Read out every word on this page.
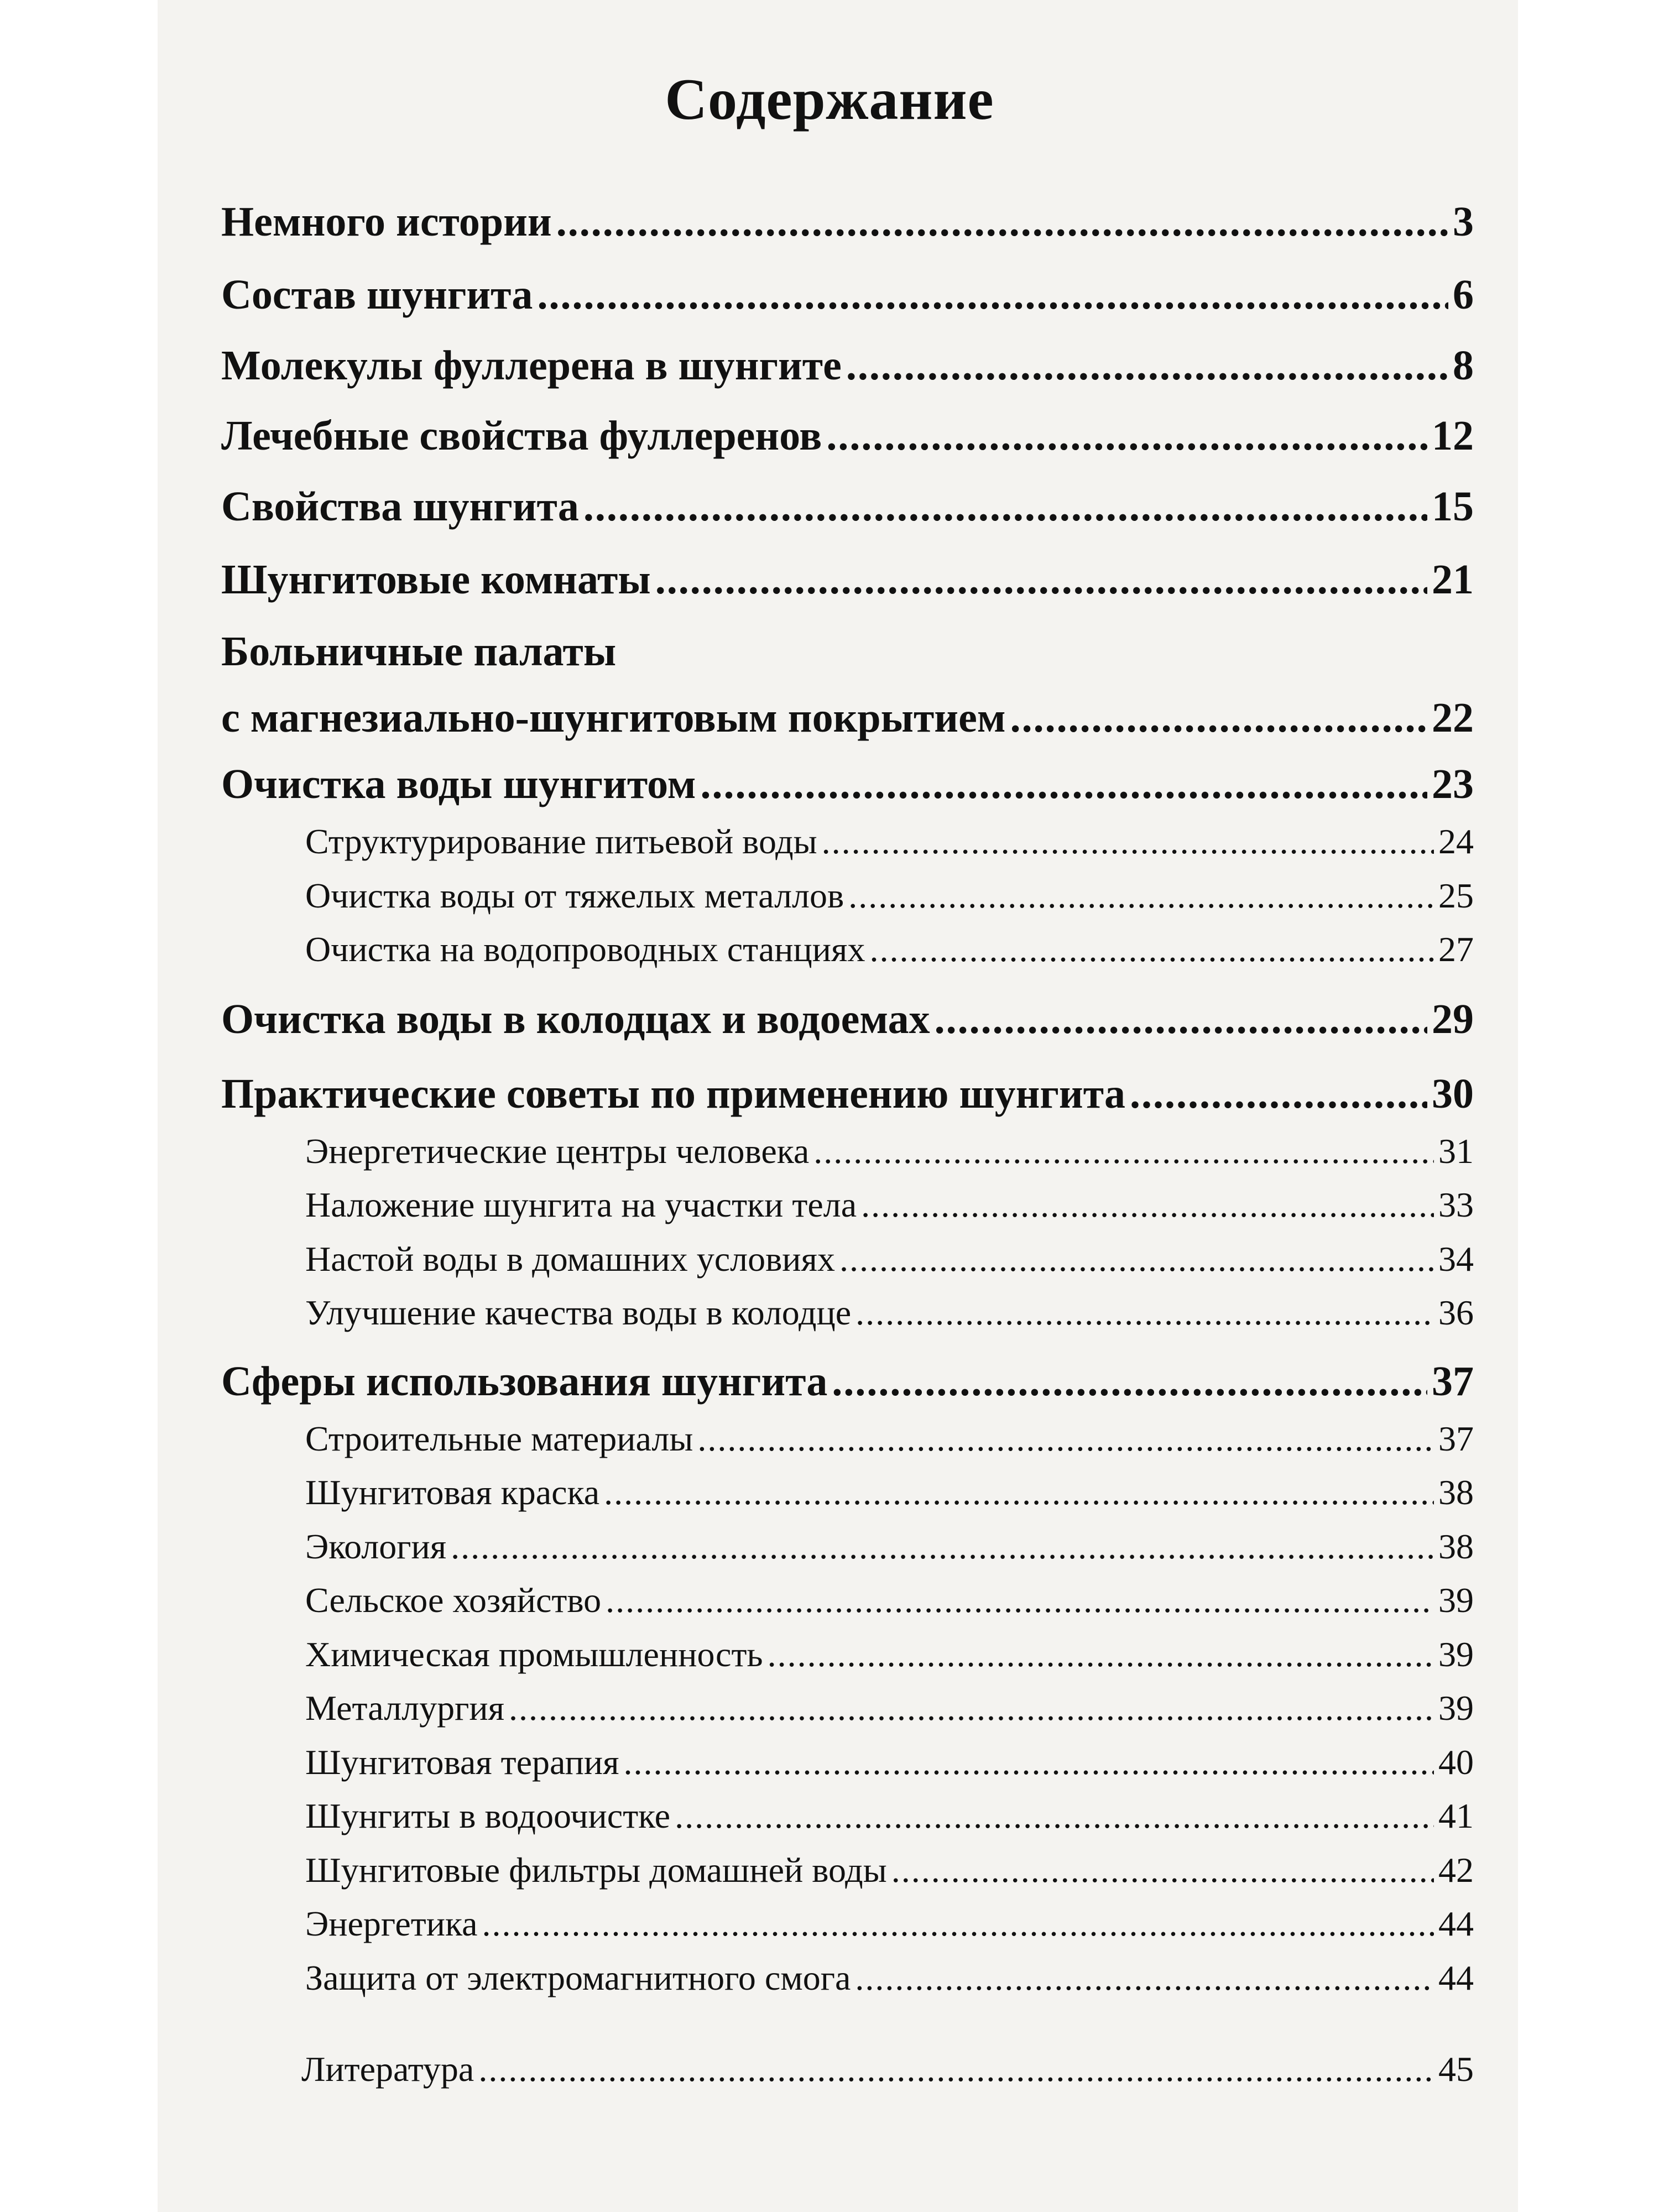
Содержание
Немного истории .....	3
Состав шунгита .....	6
Молекулы фуллерена в шунгите .....	8
Лечебные свойства фуллеренов .....	12
Свойства шунгита .....	15
Шунгитовые комнаты .....	21
Больничные палаты
с магнезиально-шунгитовым покрытием .....	22
Очистка воды шунгитом .....	23
Структурирование питьевой воды .....	24
Очистка воды от тяжелых металлов .....	25
Очистка на водопроводных станциях .....	27
Очистка воды в колодцах и водоемах .....	29
Практические советы по применению шунгита .....	30
Энергетические центры человека .....	31
Наложение шунгита на участки тела .....	33
Настой воды в домашних условиях .....	34
Улучшение качества воды в колодце .....	36
Сферы использования шунгита .....	37
Строительные материалы .....	37
Шунгитовая краска .....	38
Экология .....	38
Сельское хозяйство .....	39
Химическая промышленность .....	39
Металлургия .....	39
Шунгитовая терапия .....	40
Шунгиты в водоочистке .....	41
Шунгитовые фильтры домашней воды .....	42
Энергетика .....	44
Защита от электромагнитного смога .....	44
Литература .....	45
